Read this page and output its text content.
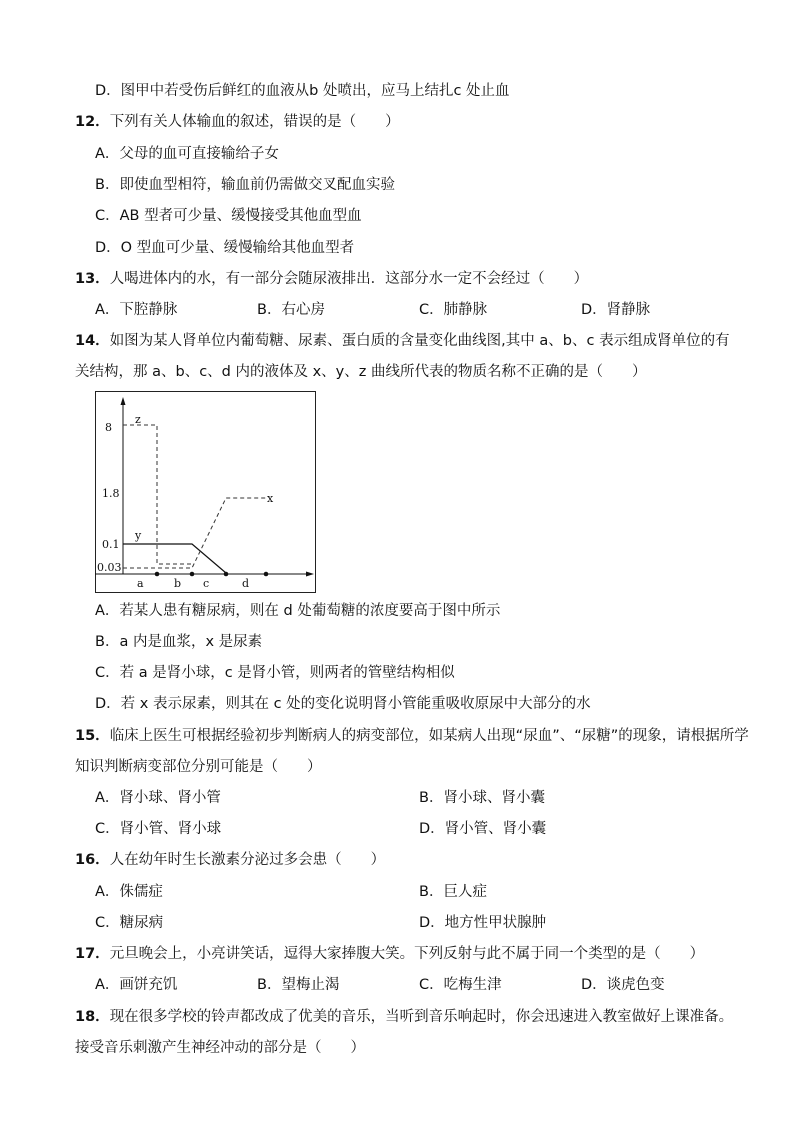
D．图甲中若受伤后鲜红的血液从b 处喷出，应马上结扎c 处止血
12．下列有关人体输血的叙述，错误的是（　　）
A．父母的血可直接输给子女
B．即使血型相符，输血前仍需做交叉配血实验
C．AB 型者可少量、缓慢接受其他血型血
D．O 型血可少量、缓慢输给其他血型者
13．人喝进体内的水，有一部分会随尿液排出．这部分水一定不会经过（　　）
A．下腔静脉	B．右心房	C．肺静脉	D．肾静脉
14．如图为某人肾单位内葡萄糖、尿素、蛋白质的含量变化曲线图,其中 a、b、c 表示组成肾单位的有
关结构，那 a、b、c、d 内的液体及 x、y、z 曲线所代表的物质名称不正确的是（　　）
8
1.8
0.1
0.03
z
y
x
a	b c	d
A．若某人患有糖尿病，则在 d 处葡萄糖的浓度要高于图中所示
B．a 内是血浆，x 是尿素
C．若 a 是肾小球，c 是肾小管，则两者的管壁结构相似
D．若 x 表示尿素，则其在 c 处的变化说明肾小管能重吸收原尿中大部分的水
15．临床上医生可根据经验初步判断病人的病变部位，如某病人出现“尿血”、“尿糖”的现象，请根据所学
知识判断病变部位分别可能是（　　）
A．肾小球、肾小管	B．肾小球、肾小囊
C．肾小管、肾小球	D．肾小管、肾小囊
16．人在幼年时生长激素分泌过多会患（　　）
A．侏儒症	B．巨人症
C．糖尿病	D．地方性甲状腺肿
17．元旦晚会上，小亮讲笑话，逗得大家捧腹大笑。下列反射与此不属于同一个类型的是（　　）
A．画饼充饥	B．望梅止渴	C．吃梅生津	D．谈虎色变
18．现在很多学校的铃声都改成了优美的音乐，当听到音乐响起时，你会迅速进入教室做好上课准备。
接受音乐刺激产生神经冲动的部分是（　　）
